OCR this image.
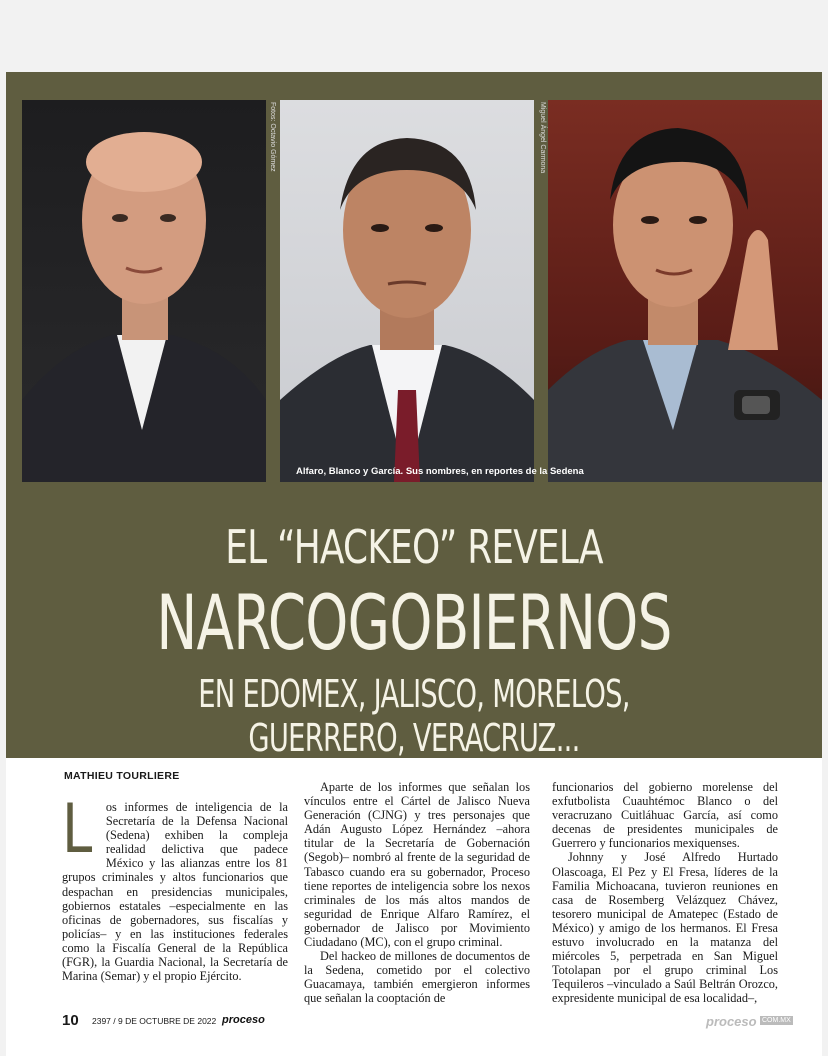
Fotos: Octavio Gómez	Miguel Ángel Carmona
Alfaro, Blanco y García. Sus nombres, en reportes de la Sedena
EL “HACKEO” REVELA
NARCOGOBIERNOS
EN EDOMEX, JALISCO, MORELOS, GUERRERO, VERACRUZ...
MATHIEU TOURLIERE
L	os informes de inteligencia de la Secretaría de la Defensa Nacional (Sedena) exhiben la compleja realidad delictiva que padece México y las alianzas entre los 81 grupos criminales y altos funcionarios que despachan en presidencias municipales, gobiernos estatales –especialmente en las oficinas de gobernadores, sus fiscalías y policías– y en las instituciones federales como la Fiscalía General de la República (FGR), la Guardia Nacional, la Secretaría de Marina (Semar) y el propio Ejército.

Aparte de los informes que señalan los vínculos entre el Cártel de Jalisco Nueva Generación (CJNG) y tres personajes que Adán Augusto López Hernández –ahora titular de la Secretaría de Gobernación (Segob)– nombró al frente de la seguridad de Tabasco cuando era su gobernador, Proceso tiene reportes de inteligencia sobre los nexos criminales de los más altos mandos de seguridad de Enrique Alfaro Ramírez, el gobernador de Jalisco por Movimiento Ciudadano (MC), con el grupo criminal.

Del hackeo de millones de documentos de la Sedena, cometido por el colectivo Guacamaya, también emergieron informes que señalan la cooptación de

funcionarios del gobierno morelense del exfutbolista Cuauhtémoc Blanco o del veracruzano Cuitláhuac García, así como decenas de presidentes municipales de Guerrero y funcionarios mexiquenses.

Johnny y José Alfredo Hurtado Olascoaga, El Pez y El Fresa, líderes de la Familia Michoacana, tuvieron reuniones en casa de Rosemberg Velázquez Chávez, tesorero municipal de Amatepec (Estado de México) y amigo de los hermanos. El Fresa estuvo involucrado en la matanza del miércoles 5, perpetrada en San Miguel Totolapan por el grupo criminal Los Tequileros –vinculado a Saúl Beltrán Orozco, expresidente municipal de esa localidad–,

10 2397 / 9 DE OCTUBRE DE 2022 proceso	proceso COM.MX
